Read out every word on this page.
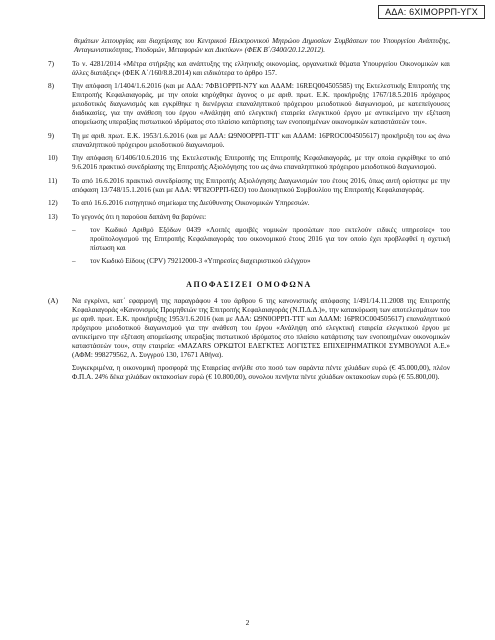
ΑΔΑ: 6ΧΙΜΟΡΡΠ-ΥΓΧ

θεμάτων λειτουργίας και διαχείρισης του Κεντρικού Ηλεκτρονικού Μητρώου Δημοσίων Συμβάσεων του Υπουργείου Ανάπτυξης, Ανταγωνιστικότητας, Υποδομών, Μεταφορών και Δικτύων» (ΦΕΚ Β΄/3400/20.12.2012).

7)	Το ν. 4281/2014 «Μέτρα στήριξης και ανάπτυξης της ελληνικής οικονομίας, οργανωτικά θέματα Υπουργείου Οικονομικών και άλλες διατάξεις» (ΦΕΚ Α΄/160/8.8.2014) και ειδικότερα το άρθρο 157.
8)	Την απόφαση 1/1404/1.6.2016 (και με ΑΔΑ: 7ΦΒ1ΟΡΡΠ-Ν7Υ και ΑΔΑΜ: 16REQ004505585) της Εκτελεστικής Επιτροπής της Επιτροπής Κεφαλαιαγοράς, με την οποία κηρύχθηκε άγονος ο με αριθ. πρωτ. Ε.Κ. προκήρυξης 1767/18.5.2016 πρόχειρος μειοδοτικός διαγωνισμός και εγκρίθηκε η διενέργεια επαναληπτικού πρόχειρου μειοδοτικού διαγωνισμού, με κατεπείγουσες διαδικασίες, για την ανάθεση του έργου «Ανάληψη από ελεγκτική εταιρεία ελεγκτικού έργου με αντικείμενο την εξέταση απομείωσης υπεραξίας πιστωτικού ιδρύματος στο πλαίσιο κατάρτισης των ενοποιημένων οικονομικών καταστάσεών του».
9)	Τη με αριθ. πρωτ. Ε.Κ. 1953/1.6.2016 (και με ΑΔΑ: Ω9Ν0ΟΡΡΠ-ΤΤΓ και ΑΔΑΜ: 16PROC004505617) προκήρυξη του ως άνω επαναληπτικού πρόχειρου μειοδοτικού διαγωνισμού.
10)	Την απόφαση 6/1406/10.6.2016 της Εκτελεστικής Επιτροπής της Επιτροπής Κεφαλαιαγοράς, με την οποία εγκρίθηκε το από 9.6.2016 πρακτικό συνεδρίασης της Επιτροπής Αξιολόγησης του ως άνω επαναληπτικού πρόχειρου μειοδοτικού διαγωνισμού.
11)	Το από 16.6.2016 πρακτικό συνεδρίασης της Επιτροπής Αξιολόγησης Διαγωνισμών του έτους 2016, όπως αυτή ορίστηκε με την απόφαση 13/748/15.1.2016 (και με ΑΔΑ: ΨΓ82ΟΡΡΠ-6ΣΟ) του Διοικητικού Συμβουλίου της Επιτροπής Κεφαλαιαγοράς.
12)	Το από 16.6.2016 εισηγητικό σημείωμα της Διεύθυνσης Οικονομικών Υπηρεσιών.
13)	Το γεγονός ότι η παρούσα δαπάνη θα βαρύνει:
–	τον Κωδικό Αριθμό Εξόδων 0439 «Λοιπές αμοιβές νομικών προσώπων που εκτελούν ειδικές υπηρεσίες» του προϋπολογισμού της Επιτροπής Κεφαλαιαγοράς του οικονομικού έτους 2016 για τον οποίο έχει προβλεφθεί η σχετική πίστωση και
–	τον Κωδικό Είδους (CPV) 79212000-3 «Υπηρεσίες διαχειριστικού ελέγχου»
ΑΠΟΦΑΣΙΖΕΙ ΟΜΟΦΩΝΑ
(Α)	Να εγκρίνει, κατ΄ εφαρμογή της παραγράφου 4 του άρθρου 6 της κανονιστικής απόφασης 1/491/14.11.2008 της Επιτροπής Κεφαλαιαγοράς «Κανονισμός Προμηθειών της Επιτροπής Κεφαλαιαγοράς (Ν.Π.Δ.Δ.)», την κατακύρωση των αποτελεσμάτων του με αριθ. πρωτ. Ε.Κ. προκήρυξης 1953/1.6.2016 (και με ΑΔΑ: Ω9Ν0ΟΡΡΠ-ΤΤΓ και ΑΔΑΜ: 16PROC004505617) επαναληπτικού πρόχειρου μειοδοτικού διαγωνισμού για την ανάθεση του έργου «Ανάληψη από ελεγκτική εταιρεία ελεγκτικού έργου με αντικείμενο την εξέταση απομείωσης υπεραξίας πιστωτικού ιδρύματος στο πλαίσιο κατάρτισης των ενοποιημένων οικονομικών καταστάσεών του», στην εταιρεία: «MAZARS ΟΡΚΩΤΟΙ ΕΛΕΓΚΤΕΣ ΛΟΓΙΣΤΕΣ ΕΠΙΧΕΙΡΗΜΑΤΙΚΟΙ ΣΥΜΒΟΥΛΟΙ Α.Ε.» (ΑΦΜ: 998279562, Λ. Συγγρού 130, 17671 Αθήνα).

Συγκεκριμένα, η οικονομική προσφορά της Εταιρείας ανήλθε στο ποσό των σαράντα πέντε χιλιάδων ευρώ (€ 45.000,00), πλέον Φ.Π.Α. 24% δέκα χιλιάδων οκτακοσίων ευρώ (€ 10.800,00), συνολου πενήντα πέντε χιλιάδων οκτακοσίων ευρώ (€ 55.800,00).

2
